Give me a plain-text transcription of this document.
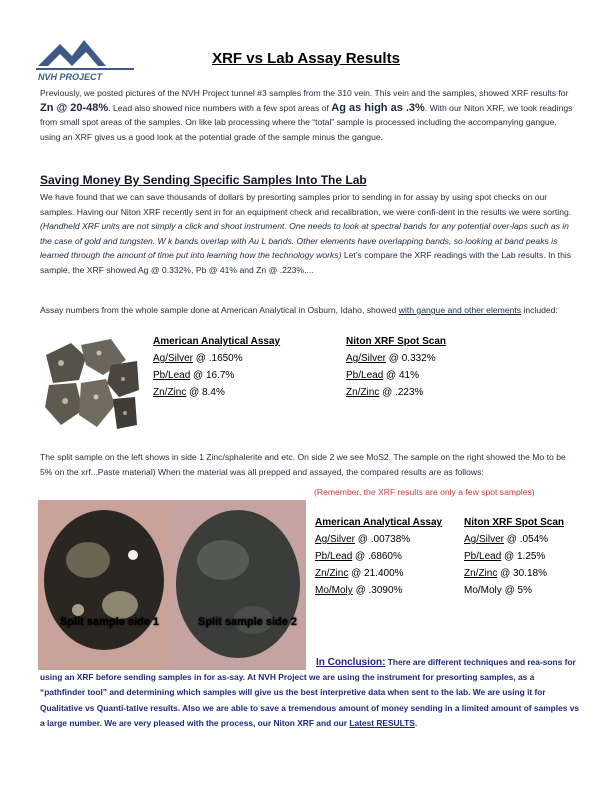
NVH PROJECT
XRF vs Lab Assay Results

Previously, we posted pictures of the NVH Project tunnel #3 samples from the 310 vein. This vein and the samples, showed XRF results for Zn @ 20-48%. Lead also showed nice numbers with a few spot areas of Ag as high as .3%. With our Niton XRF, we took readings from small spot areas of the samples. On like lab processing where the “total” sample is processed including the accompanying gangue, using an XRF gives us a good look at the potential grade of the sample minus the gangue.

Saving Money By Sending Specific Samples Into The Lab

We have found that we can save thousands of dollars by presorting samples prior to sending in for assay by using spot checks on our samples. Having our Niton XRF recently sent in for an equipment check and recalibration, we were confi-dent in the results we were sorting. (Handheld XRF units are not simply a click and shoot instrument. One needs to look at spectral bands for any potential over-laps such as in the case of gold and tungsten. W k bands overlap with Au L bands. Other elements have overlapping bands, so looking at band peaks is learned through the amount of time put into learning how the technology works) Let’s compare the XRF readings with the Lab results. In this sample, the XRF showed Ag @ 0.332%, Pb @ 41% and Zn @ .223%....

Assay numbers from the whole sample done at American Analytical in Osburn, Idaho, showed with gangue and other elements included:

American Analytical Assay
Ag/Silver @ .1650%
Pb/Lead @ 16.7%
Zn/Zinc @ 8.4%
Niton XRF Spot Scan
Ag/Silver @ 0.332%
Pb/Lead @ 41%
Zn/Zinc @ .223%

The split sample on the left shows in side 1 Zinc/sphalerite and etc. On side 2 we see MoS2. The sample on the right showed the Mo to be 5% on the xrf...Paste material) When the material was all prepped and assayed, the compared results are as follows:

(Remember, the XRF results are only a few spot samples)

Split sample side 1	Split sample side 2
American Analytical Assay
Ag/Silver @ .00738%
Pb/Lead @ .6860%
Zn/Zinc @ 21.400%
Mo/Moly @ .3090%
Niton XRF Spot Scan
Ag/Silver @ .054%
Pb/Lead @ 1.25%
Zn/Zinc @ 30.18%
Mo/Moly @ 5%

In Conclusion: There are different techniques and rea-sons for using an XRF before sending samples in for as-say. At NVH Project we are using the instrument for presorting samples, as a “pathfinder tool” and determining which samples will give us the best interpretive data when sent to the lab. We are using it for Qualitative vs Quanti-tative results. Also we are able to save a tremendous amount of money sending in a limited amount of samples vs a large number. We are very pleased with the process, our Niton XRF and our Latest RESULTS.
